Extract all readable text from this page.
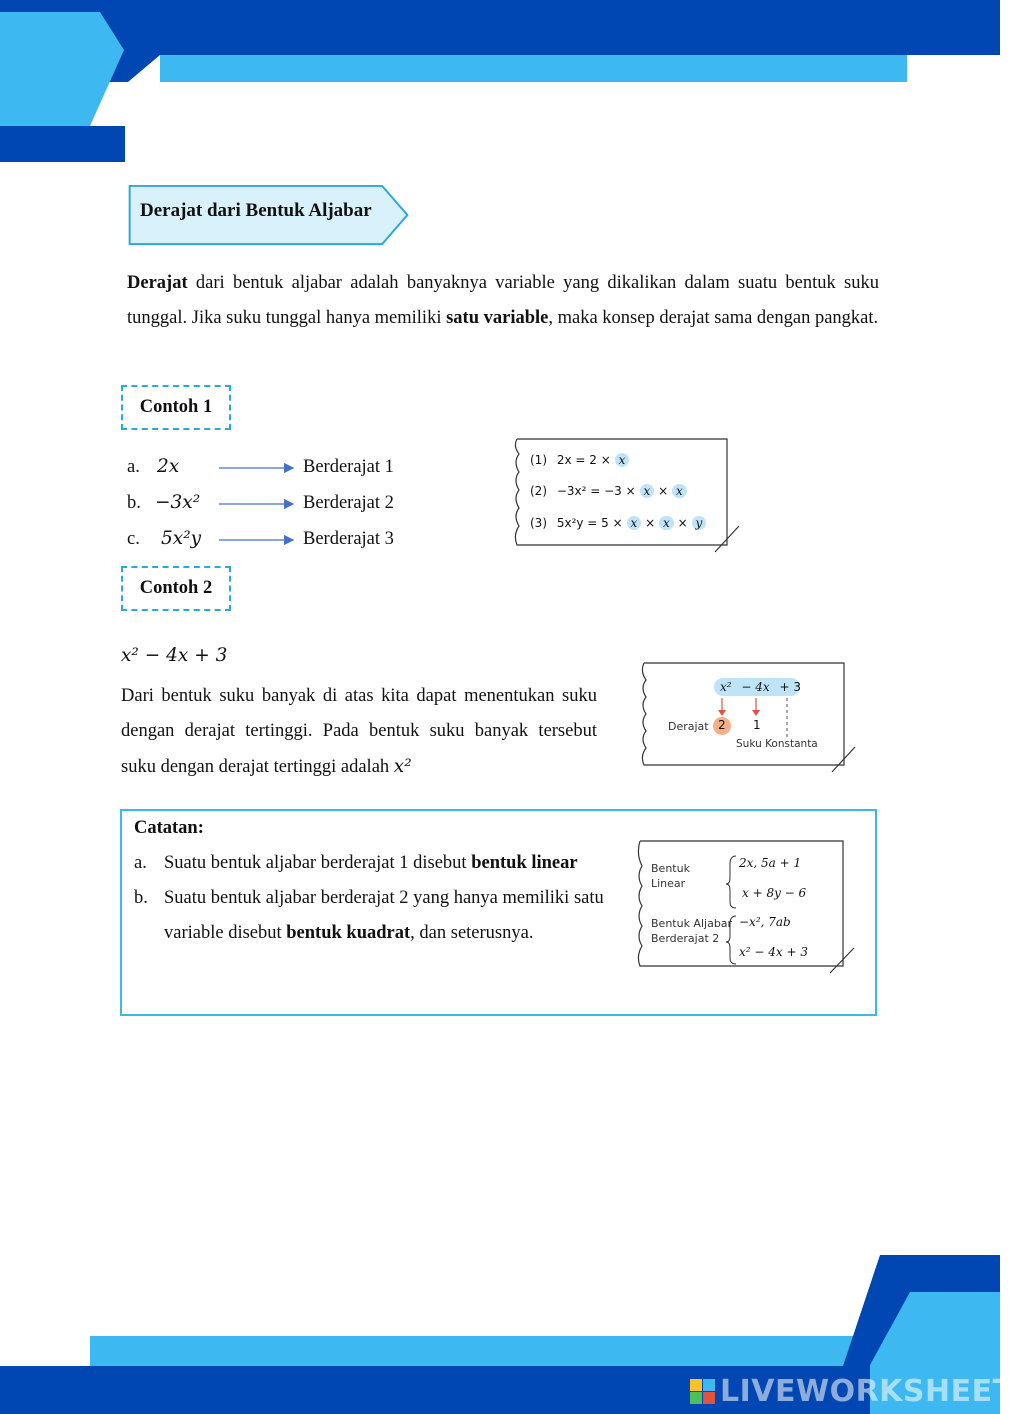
LIVEWORKSHEETS
Derajat dari Bentuk Aljabar
Derajat dari bentuk aljabar adalah banyaknya variable yang dikalikan dalam suatu bentuk suku tunggal. Jika suku tunggal hanya memiliki satu variable, maka konsep derajat sama dengan pangkat.
Contoh 1
a. 2x	Berderajat 1
b. −3x²	Berderajat 2
c. 5x²y	Berderajat 3
(1) 2x = 2 × x
(2) −3x² = −3 × x × x
(3) 5x²y = 5 × x × x × y
Contoh 2
x² − 4x + 3
Dari bentuk suku banyak di atas kita dapat menentukan suku dengan derajat tertinggi. Pada bentuk suku banyak tersebut suku dengan derajat tertinggi adalah x²
x² − 4x + 3
Derajat 2 1
Suku Konstanta
Catatan:
a. Suatu bentuk aljabar berderajat 1 disebut bentuk linear
b. Suatu bentuk aljabar berderajat 2 yang hanya memiliki satu variable disebut bentuk kuadrat, dan seterusnya.
Bentuk
Linear
2x, 5a + 1
x + 8y − 6
Bentuk Aljabar
Berderajat 2
−x², 7ab
x² − 4x + 3
